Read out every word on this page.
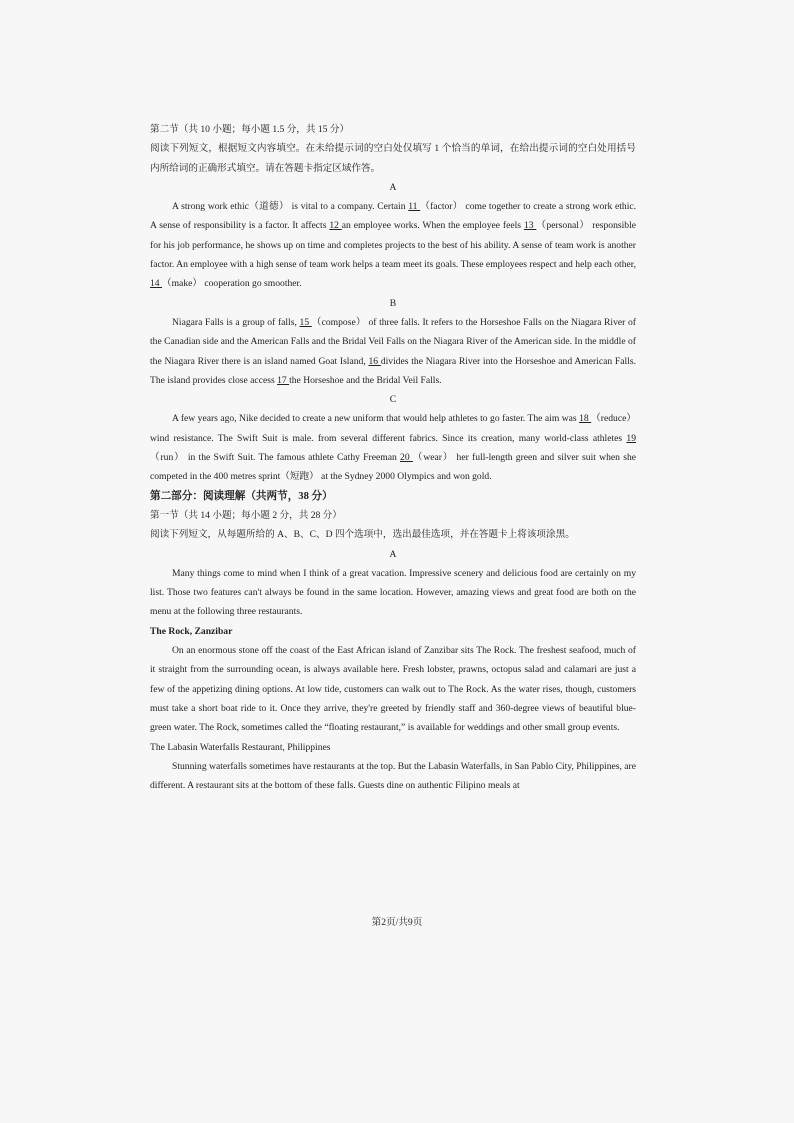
第二节（共 10 小题；每小题 1.5 分，共 15 分）

阅读下列短文，根据短文内容填空。在未给提示词的空白处仅填写 1 个恰当的单词，在给出提示词的空白处用括号内所给词的正确形式填空。请在答题卡指定区域作答。

A

A strong work ethic（道德） is vital to a company. Certain 11 （factor） come together to create a strong work ethic. A sense of responsibility is a factor. It affects 12 an employee works. When the employee feels 13 （personal） responsible for his job performance, he shows up on time and completes projects to the best of his ability. A sense of team work is another factor. An employee with a high sense of team work helps a team meet its goals. These employees respect and help each other, 14 （make） cooperation go smoother.

B

Niagara Falls is a group of falls, 15 （compose） of three falls. It refers to the Horseshoe Falls on the Niagara River of the Canadian side and the American Falls and the Bridal Veil Falls on the Niagara River of the American side. In the middle of the Niagara River there is an island named Goat Island, 16 divides the Niagara River into the Horseshoe and American Falls. The island provides close access 17 the Horseshoe and the Bridal Veil Falls.

C

A few years ago, Nike decided to create a new uniform that would help athletes to go faster. The aim was 18 （reduce） wind resistance. The Swift Suit is male. from several different fabrics. Since its creation, many world-class athletes 19 （run） in the Swift Suit. The famous athlete Cathy Freeman 20 （wear） her full-length green and silver suit when she competed in the 400 metres sprint（短跑） at the Sydney 2000 Olympics and won gold.

第二部分：阅读理解（共两节，38 分）

第一节（共 14 小题；每小题 2 分，共 28 分）

阅读下列短文，从每题所给的 A、B、C、D 四个选项中，选出最佳选项，并在答题卡上将该项涂黑。

A

Many things come to mind when I think of a great vacation. Impressive scenery and delicious food are certainly on my list. Those two features can't always be found in the same location. However, amazing views and great food are both on the menu at the following three restaurants.

The Rock, Zanzibar

On an enormous stone off the coast of the East African island of Zanzibar sits The Rock. The freshest seafood, much of it straight from the surrounding ocean, is always available here. Fresh lobster, prawns, octopus salad and calamari are just a few of the appetizing dining options. At low tide, customers can walk out to The Rock. As the water rises, though, customers must take a short boat ride to it. Once they arrive, they're greeted by friendly staff and 360-degree views of beautiful blue-green water. The Rock, sometimes called the “floating restaurant,” is available for weddings and other small group events.

The Labasin Waterfalls Restaurant, Philippines

Stunning waterfalls sometimes have restaurants at the top. But the Labasin Waterfalls, in San Pablo City, Philippines, are different. A restaurant sits at the bottom of these falls. Guests dine on authentic Filipino meals at

第2页/共9页
